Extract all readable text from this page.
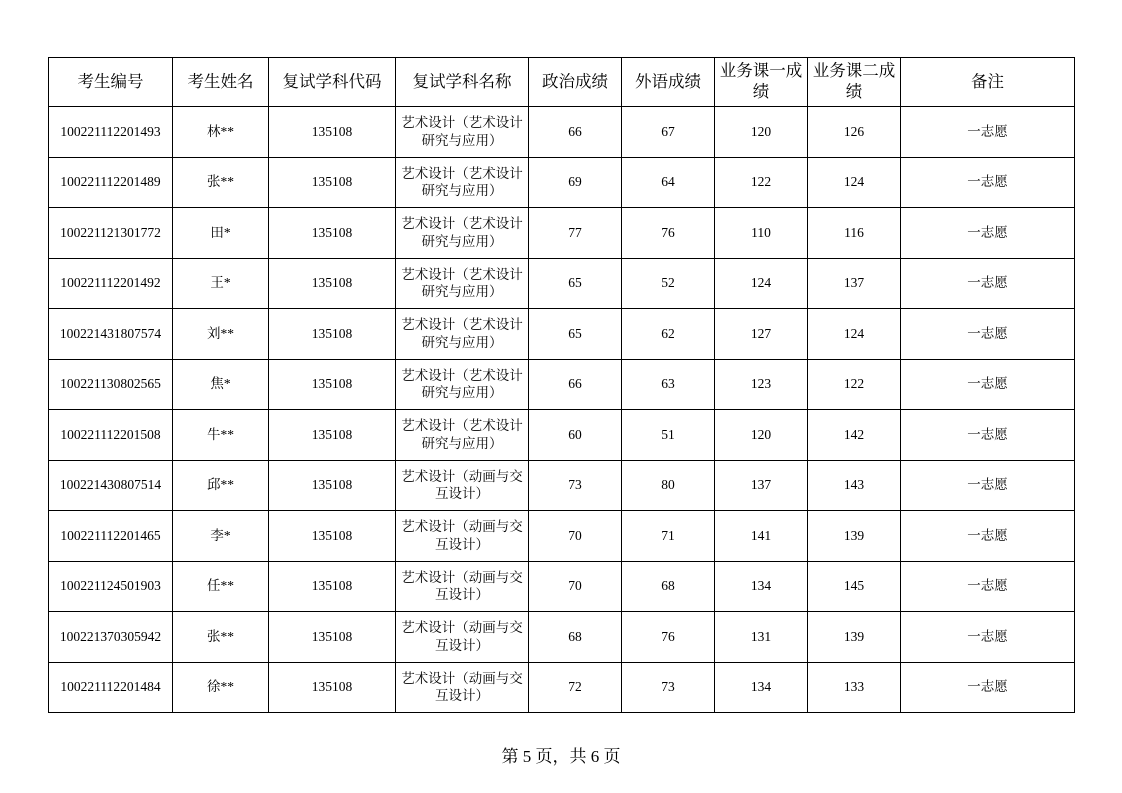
考生编号	考生姓名	复试学科代码	复试学科名称	政治成绩	外语成绩	业务课一成绩	业务课二成绩	备注
100221112201493	林**	135108	艺术设计（艺术设计研究与应用）	66	67	120	126	一志愿
100221112201489	张**	135108	艺术设计（艺术设计研究与应用）	69	64	122	124	一志愿
100221121301772	田*	135108	艺术设计（艺术设计研究与应用）	77	76	110	116	一志愿
100221112201492	王*	135108	艺术设计（艺术设计研究与应用）	65	52	124	137	一志愿
100221431807574	刘**	135108	艺术设计（艺术设计研究与应用）	65	62	127	124	一志愿
100221130802565	焦*	135108	艺术设计（艺术设计研究与应用）	66	63	123	122	一志愿
100221112201508	牛**	135108	艺术设计（艺术设计研究与应用）	60	51	120	142	一志愿
100221430807514	邱**	135108	艺术设计（动画与交互设计）	73	80	137	143	一志愿
100221112201465	李*	135108	艺术设计（动画与交互设计）	70	71	141	139	一志愿
100221124501903	任**	135108	艺术设计（动画与交互设计）	70	68	134	145	一志愿
100221370305942	张**	135108	艺术设计（动画与交互设计）	68	76	131	139	一志愿
100221112201484	徐**	135108	艺术设计（动画与交互设计）	72	73	134	133	一志愿
第 5 页，共 6 页
